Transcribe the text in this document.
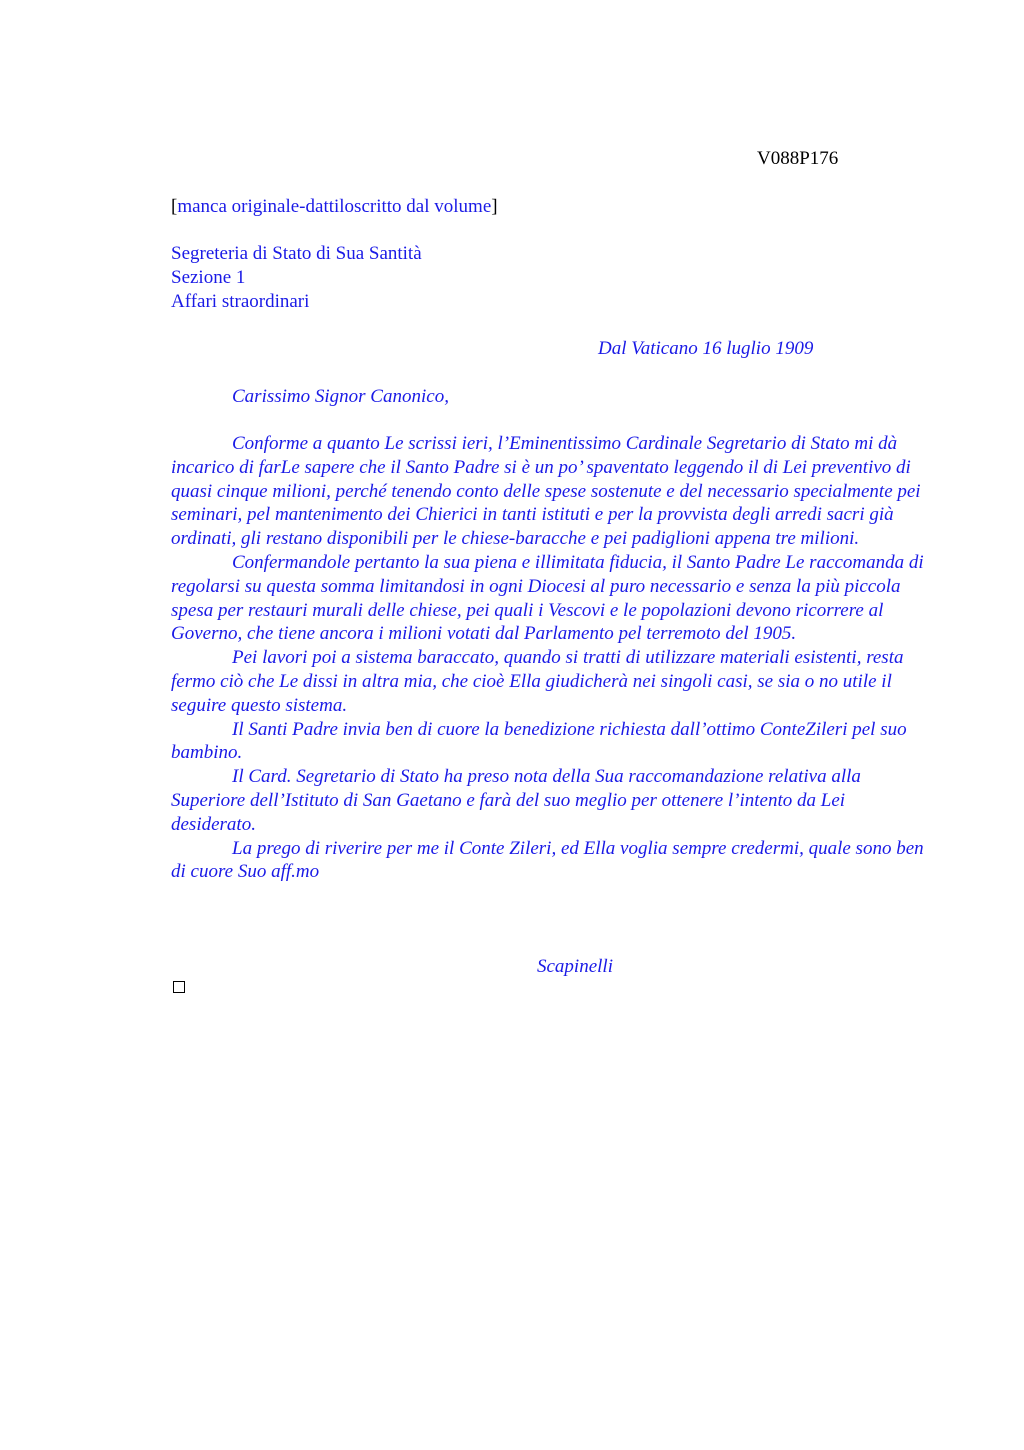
V088P176
[manca originale-dattiloscritto dal volume]
Segreteria di Stato di Sua Santità
Sezione 1
Affari straordinari
Dal Vaticano 16 luglio 1909
Carissimo Signor Canonico,

Conforme a quanto Le scrissi ieri, l’Eminentissimo Cardinale Segretario di Stato mi dà incarico di farLe sapere che il Santo Padre si è un po’ spaventato leggendo il di Lei preventivo di quasi cinque milioni, perché tenendo conto delle spese sostenute e del necessario specialmente pei seminari, pel mantenimento dei Chierici in tanti istituti e per la provvista degli arredi sacri già ordinati, gli restano disponibili per le chiese-baracche e pei padiglioni appena tre milioni.

Confermandole pertanto la sua piena e illimitata fiducia, il Santo Padre Le raccomanda di regolarsi su questa somma limitandosi in ogni Diocesi al puro necessario e senza la più piccola spesa per restauri murali delle chiese, pei quali i Vescovi e le popolazioni devono ricorrere al Governo, che tiene ancora i milioni votati dal Parlamento pel terremoto del 1905.

Pei lavori poi a sistema baraccato, quando si tratti di utilizzare materiali esistenti, resta fermo ciò che Le dissi in altra mia, che cioè Ella giudicherà nei singoli casi, se sia o no utile il seguire questo sistema.

Il Santi Padre invia ben di cuore la benedizione richiesta dall’ottimo ConteZileri pel suo bambino.

Il Card. Segretario di Stato ha preso nota della Sua raccomandazione relativa alla Superiore dell’Istituto di San Gaetano e farà del suo meglio per ottenere l’intento da Lei desiderato.

La prego di riverire per me il Conte Zileri, ed Ella voglia sempre credermi, quale sono ben di cuore Suo aff.mo

Scapinelli
